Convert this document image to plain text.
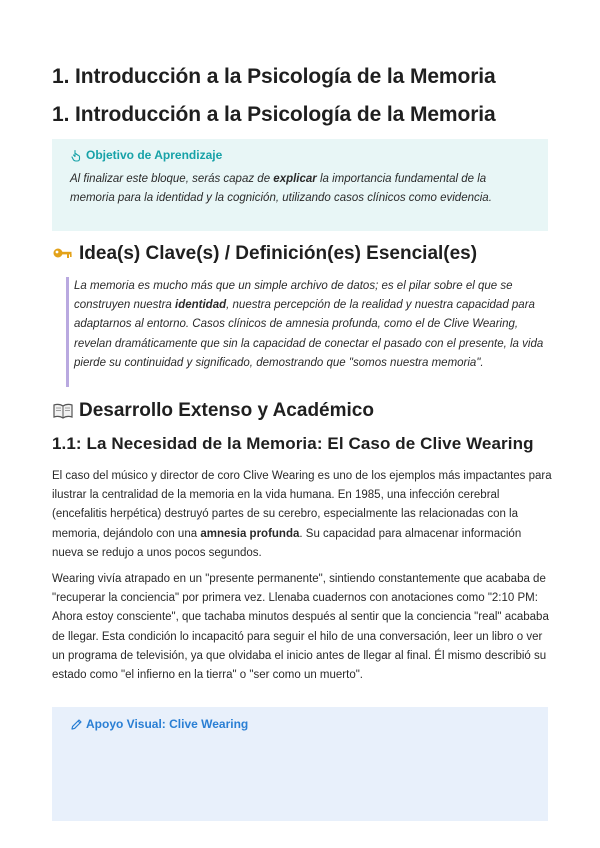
1. Introducción a la Psicología de la Memoria
1. Introducción a la Psicología de la Memoria
Objetivo de Aprendizaje
Al finalizar este bloque, serás capaz de explicar la importancia fundamental de la memoria para la identidad y la cognición, utilizando casos clínicos como evidencia.
Idea(s) Clave(s) / Definición(es) Esencial(es)
La memoria es mucho más que un simple archivo de datos; es el pilar sobre el que se construyen nuestra identidad, nuestra percepción de la realidad y nuestra capacidad para adaptarnos al entorno. Casos clínicos de amnesia profunda, como el de Clive Wearing, revelan dramáticamente que sin la capacidad de conectar el pasado con el presente, la vida pierde su continuidad y significado, demostrando que "somos nuestra memoria".
Desarrollo Extenso y Académico
1.1: La Necesidad de la Memoria: El Caso de Clive Wearing

El caso del músico y director de coro Clive Wearing es uno de los ejemplos más impactantes para ilustrar la centralidad de la memoria en la vida humana. En 1985, una infección cerebral (encefalitis herpética) destruyó partes de su cerebro, especialmente las relacionadas con la memoria, dejándolo con una amnesia profunda. Su capacidad para almacenar información nueva se redujo a unos pocos segundos.

Wearing vivía atrapado en un "presente permanente", sintiendo constantemente que acababa de "recuperar la conciencia" por primera vez. Llenaba cuadernos con anotaciones como "2:10 PM: Ahora estoy consciente", que tachaba minutos después al sentir que la conciencia "real" acababa de llegar. Esta condición lo incapacitó para seguir el hilo de una conversación, leer un libro o ver un programa de televisión, ya que olvidaba el inicio antes de llegar al final. Él mismo describió su estado como "el infierno en la tierra" o "ser como un muerto".

Apoyo Visual: Clive Wearing
